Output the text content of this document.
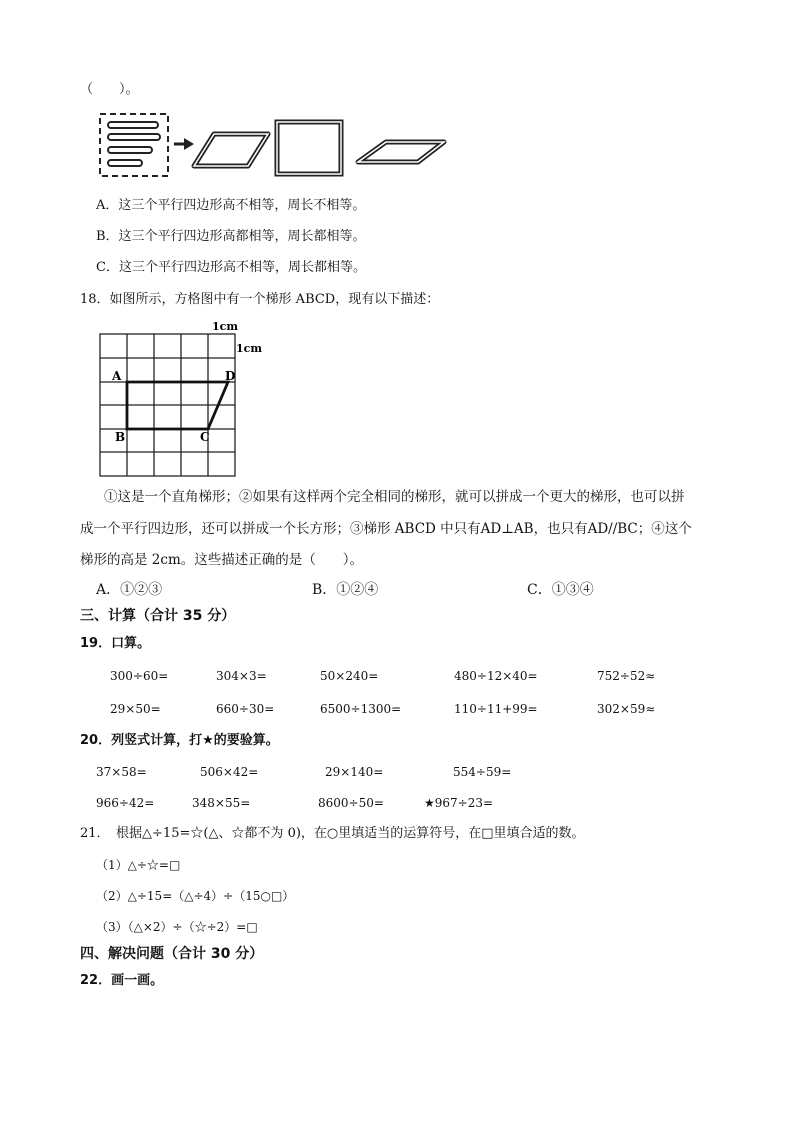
（　　）。
A．这三个平行四边形高不相等，周长不相等。
B．这三个平行四边形高都相等，周长都相等。
C．这三个平行四边形高不相等，周长都相等。
18．如图所示，方格图中有一个梯形 ABCD，现有以下描述：
1cm
1cm
A	D
B	C
①这是一个直角梯形；②如果有这样两个完全相同的梯形，就可以拼成一个更大的梯形，也可以拼
成一个平行四边形，还可以拼成一个长方形；③梯形 ABCD 中只有AD⊥AB，也只有AD//BC；④这个
梯形的高是 2cm。这些描述正确的是（　　）。
A．①②③	B．①②④	C．①③④
三、计算（合计 35 分）
19．口算。
300÷60=	304×3=	50×240=	480÷12×40=	752÷52≈
29×50=	660÷30=	6500÷1300=	110÷11+99=	302×59≈
20．列竖式计算，打★的要验算。
37×58=	506×42=	29×140=	554÷59=
966÷42=	348×55=	8600÷50=	★967÷23=
21．　根据△÷15=☆(△、☆都不为 0)，在○里填适当的运算符号，在□里填合适的数。
（1）△÷☆=□
（2）△÷15=（△÷4）÷（15○□）
（3）（△×2）÷（☆÷2）=□
四、解决问题（合计 30 分）
22．画一画。
